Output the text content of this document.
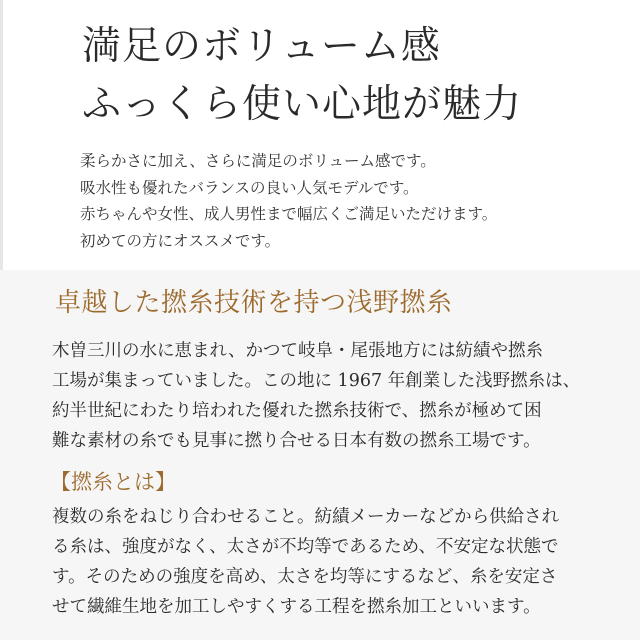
満足のボリューム感
ふっくら使い心地が魅力
柔らかさに加え、さらに満足のボリューム感です。
吸水性も優れたバランスの良い人気モデルです。
赤ちゃんや女性、成人男性まで幅広くご満足いただけます。
初めての方にオススメです。
卓越した撚糸技術を持つ浅野撚糸
木曽三川の水に恵まれ、かつて岐阜・尾張地方には紡績や撚糸
工場が集まっていました。この地に 1967 年創業した浅野撚糸は、
約半世紀にわたり培われた優れた撚糸技術で、撚糸が極めて困
難な素材の糸でも見事に撚り合せる日本有数の撚糸工場です。
【撚糸とは】
複数の糸をねじり合わせること。紡績メーカーなどから供給され
る糸は、強度がなく、太さが不均等であるため、不安定な状態で
す。そのための強度を高め、太さを均等にするなど、糸を安定さ
せて繊維生地を加工しやすくする工程を撚糸加工といいます。
